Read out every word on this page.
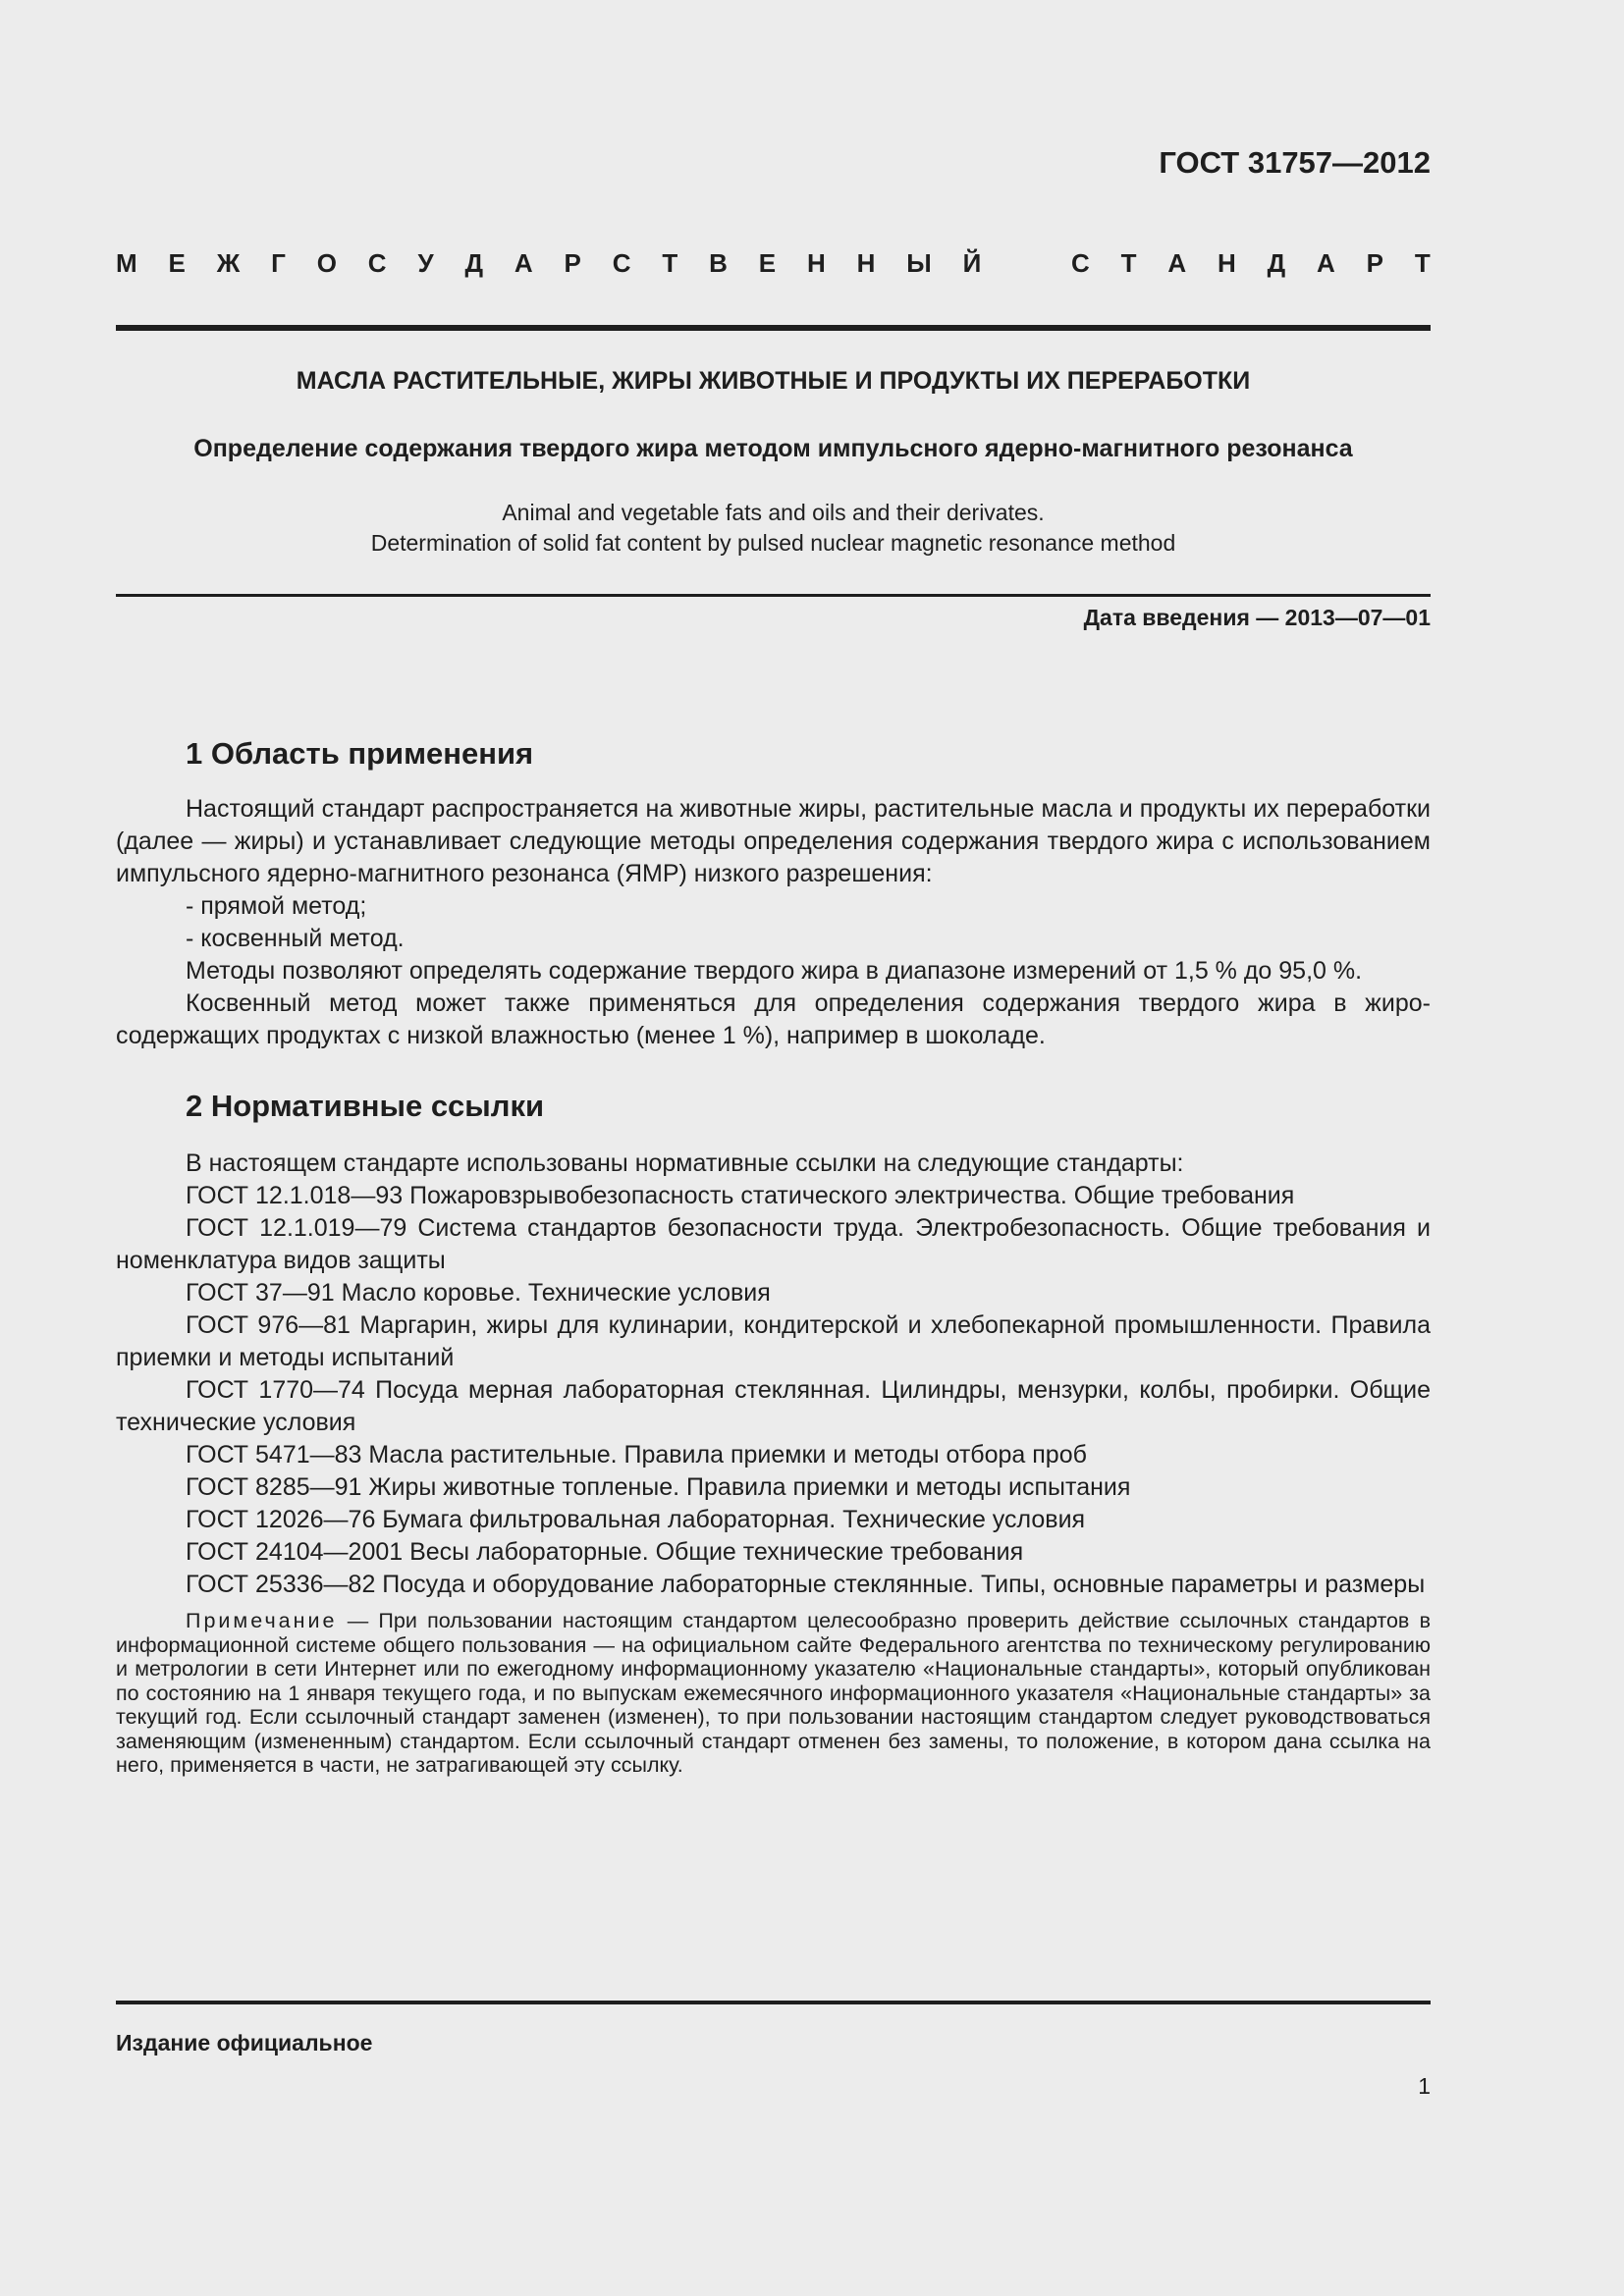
ГОСТ 31757—2012
М Е Ж Г О С У Д А Р С Т В Е Н Н Ы Й	С Т А Н Д А Р Т
МАСЛА РАСТИТЕЛЬНЫЕ, ЖИРЫ ЖИВОТНЫЕ И ПРОДУКТЫ ИХ ПЕРЕРАБОТКИ
Определение содержания твердого жира методом импульсного ядерно-магнитного резонанса
Animal and vegetable fats and oils and their derivates.
Determination of solid fat content by pulsed nuclear magnetic resonance method
Дата введения — 2013—07—01
1 Область применения

Настоящий стандарт распространяется на животные жиры, растительные масла и продукты их переработки (далее — жиры) и устанавливает следующие методы определения содержания твердого жира с использованием импульсного ядерно-магнитного резонанса (ЯМР) низкого разрешения:

- прямой метод;

- косвенный метод.

Методы позволяют определять содержание твердого жира в диапазоне измерений от 1,5 % до 95,0 %.

Косвенный метод может также применяться для определения содержания твердого жира в жиросодержащих продуктах с низкой влажностью (менее 1 %), например в шоколаде.

2 Нормативные ссылки

В настоящем стандарте использованы нормативные ссылки на следующие стандарты:

ГОСТ 12.1.018—93 Пожаровзрывобезопасность статического электричества. Общие требования

ГОСТ 12.1.019—79 Система стандартов безопасности труда. Электробезопасность. Общие требования и номенклатура видов защиты

ГОСТ 37—91 Масло коровье. Технические условия

ГОСТ 976—81 Маргарин, жиры для кулинарии, кондитерской и хлебопекарной промышленности. Правила приемки и методы испытаний

ГОСТ 1770—74 Посуда мерная лабораторная стеклянная. Цилиндры, мензурки, колбы, пробирки. Общие технические условия

ГОСТ 5471—83 Масла растительные. Правила приемки и методы отбора проб

ГОСТ 8285—91 Жиры животные топленые. Правила приемки и методы испытания

ГОСТ 12026—76 Бумага фильтровальная лабораторная. Технические условия

ГОСТ 24104—2001 Весы лабораторные. Общие технические требования

ГОСТ 25336—82 Посуда и оборудование лабораторные стеклянные. Типы, основные параметры и размеры

Примечание — При пользовании настоящим стандартом целесообразно проверить действие ссылочных стандартов в информационной системе общего пользования — на официальном сайте Федерального агентства по техническому регулированию и метрологии в сети Интернет или по ежегодному информационному указателю «Национальные стандарты», который опубликован по состоянию на 1 января текущего года, и по выпускам ежемесячного информационного указателя «Национальные стандарты» за текущий год. Если ссылочный стандарт заменен (изменен), то при пользовании настоящим стандартом следует руководствоваться заменяющим (измененным) стандартом. Если ссылочный стандарт отменен без замены, то положение, в котором дана ссылка на него, применяется в части, не затрагивающей эту ссылку.
Издание официальное
1
